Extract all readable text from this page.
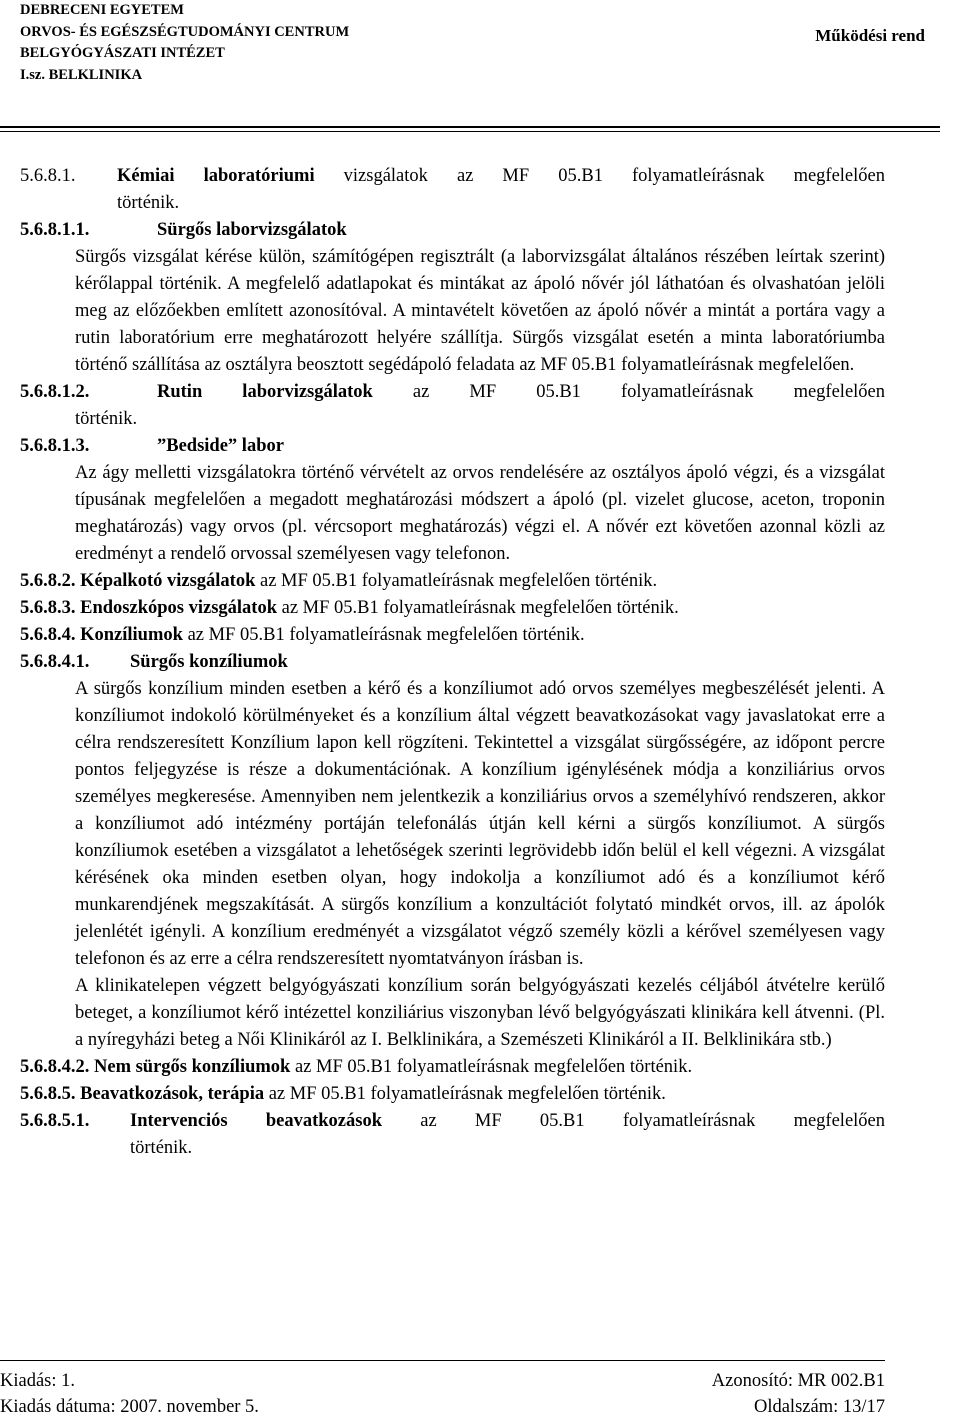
DEBRECENI EGYETEM
ORVOS- ÉS EGÉSZSÉGTUDOMÁNYI CENTRUM
BELGYÓGYÁSZATI INTÉZET
I.sz. BELKLINIKA
Működési rend
5.6.8.1.	Kémiai laboratóriumi vizsgálatok az MF 05.B1 folyamatleírásnak megfelelően
történik.
5.6.8.1.1.	Sürgős laborvizsgálatok

Sürgős vizsgálat kérése külön, számítógépen regisztrált (a laborvizsgálat általános részében leírtak szerint) kérőlappal történik. A megfelelő adatlapokat és mintákat az ápoló nővér jól láthatóan és olvashatóan jelöli meg az előzőekben említett azonosítóval. A mintavételt követően az ápoló nővér a mintát a portára vagy a rutin laboratórium erre meghatározott helyére szállítja. Sürgős vizsgálat esetén a minta laboratóriumba történő szállítása az osztályra beosztott segédápoló feladata az MF 05.B1 folyamatleírásnak megfelelően.

5.6.8.1.2.	Rutin laborvizsgálatok az MF 05.B1 folyamatleírásnak megfelelően
történik.
5.6.8.1.3.	”Bedside” labor

Az ágy melletti vizsgálatokra történő vérvételt az orvos rendelésére az osztályos ápoló végzi, és a vizsgálat típusának megfelelően a megadott meghatározási módszert a ápoló (pl. vizelet glucose, aceton, troponin meghatározás) vagy orvos (pl. vércsoport meghatározás) végzi el. A nővér ezt követően azonnal közli az eredményt a rendelő orvossal személyesen vagy telefonon.

5.6.8.2. Képalkotó vizsgálatok az MF 05.B1 folyamatleírásnak megfelelően történik.
5.6.8.3. Endoszkópos vizsgálatok az MF 05.B1 folyamatleírásnak megfelelően történik.
5.6.8.4. Konzíliumok az MF 05.B1 folyamatleírásnak megfelelően történik.
5.6.8.4.1.	Sürgős konzíliumok

A sürgős konzílium minden esetben a kérő és a konzíliumot adó orvos személyes megbeszélését jelenti. A konzíliumot indokoló körülményeket és a konzílium által végzett beavatkozásokat vagy javaslatokat erre a célra rendszeresített Konzílium lapon kell rögzíteni. Tekintettel a vizsgálat sürgősségére, az időpont percre pontos feljegyzése is része a dokumentációnak. A konzílium igénylésének módja a konziliárius orvos személyes megkeresése. Amennyiben nem jelentkezik a konziliárius orvos a személyhívó rendszeren, akkor a konzíliumot adó intézmény portáján telefonálás útján kell kérni a sürgős konzíliumot. A sürgős konzíliumok esetében a vizsgálatot a lehetőségek szerinti legrövidebb időn belül el kell végezni. A vizsgálat kérésének oka minden esetben olyan, hogy indokolja a konzíliumot adó és a konzíliumot kérő munkarendjének megszakítását. A sürgős konzílium a konzultációt folytató mindkét orvos, ill. az ápolók jelenlétét igényli. A konzílium eredményét a vizsgálatot végző személy közli a kérővel személyesen vagy telefonon és az erre a célra rendszeresített nyomtatványon írásban is.

A klinikatelepen végzett belgyógyászati konzílium során belgyógyászati kezelés céljából átvételre kerülő beteget, a konzíliumot kérő intézettel konziliárius viszonyban lévő belgyógyászati klinikára kell átvenni. (Pl. a nyíregyházi beteg a Női Klinikáról az I. Belklinikára, a Szemészeti Klinikáról a II. Belklinikára stb.)

5.6.8.4.2. Nem sürgős konzíliumok az MF 05.B1 folyamatleírásnak megfelelően történik.
5.6.8.5. Beavatkozások, terápia az MF 05.B1 folyamatleírásnak megfelelően történik.
5.6.8.5.1.	Intervenciós beavatkozások az MF 05.B1 folyamatleírásnak megfelelően
történik.
Kiadás: 1.	Azonosító: MR 002.B1
Kiadás dátuma: 2007. november 5.	Oldalszám: 13/17
